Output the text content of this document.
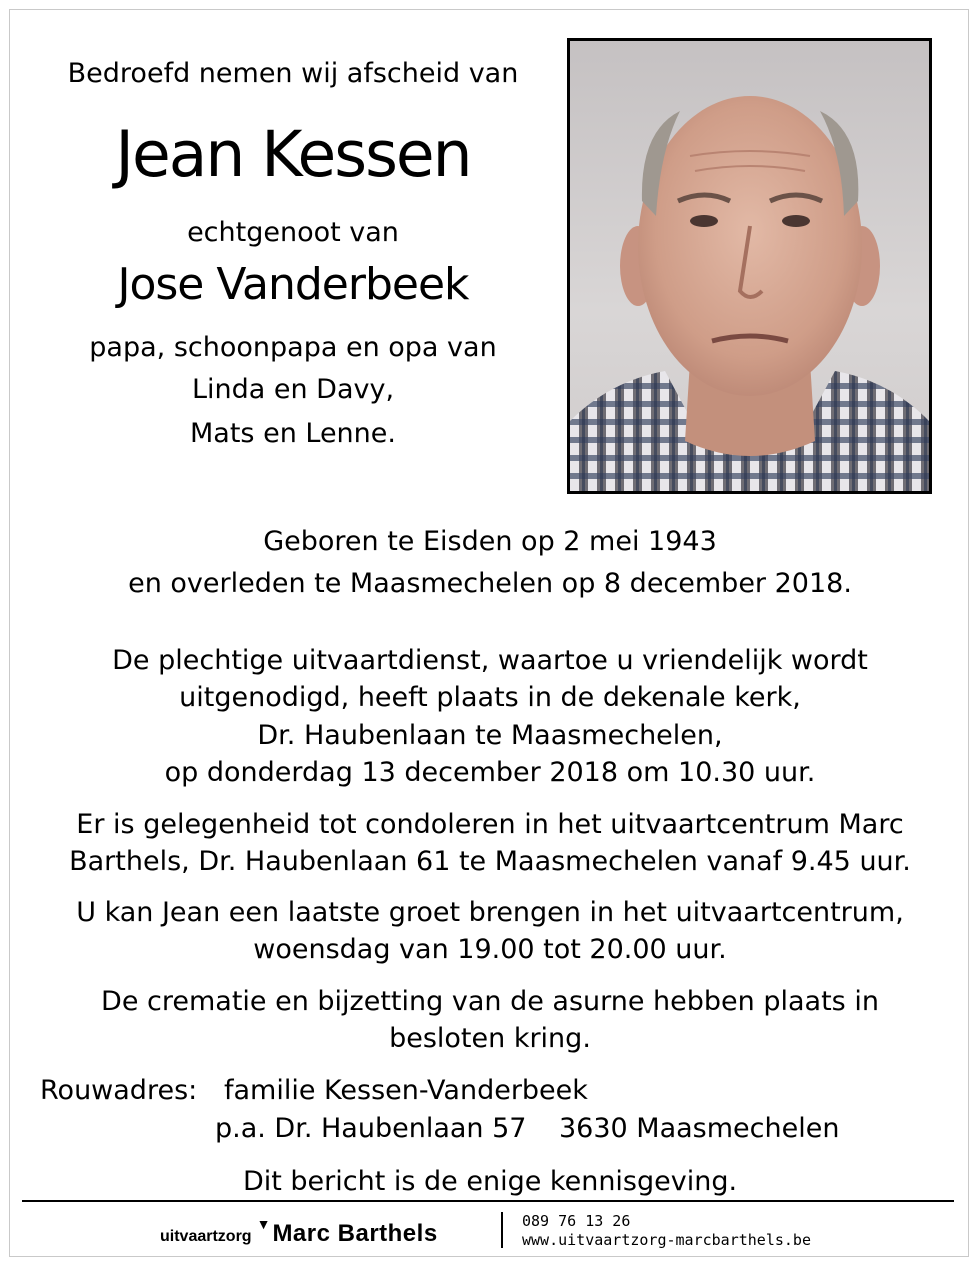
Bedroefd nemen wij afscheid van
Jean Kessen
echtgenoot van
Jose Vanderbeek
papa, schoonpapa en opa van
Linda en Davy,
Mats en Lenne.
Geboren te Eisden op 2 mei 1943
en overleden te Maasmechelen op 8 december 2018.
De plechtige uitvaartdienst, waartoe u vriendelijk wordt
uitgenodigd, heeft plaats in de dekenale kerk,
Dr. Haubenlaan te Maasmechelen,
op donderdag 13 december 2018 om 10.30 uur.
Er is gelegenheid tot condoleren in het uitvaartcentrum Marc
Barthels, Dr. Haubenlaan 61 te Maasmechelen vanaf 9.45 uur.
U kan Jean een laatste groet brengen in het uitvaartcentrum,
woensdag van 19.00 tot 20.00 uur.
De crematie en bijzetting van de asurne hebben plaats in
besloten kring.
Rouwadres: familie Kessen-Vanderbeek
p.a. Dr. Haubenlaan 57 3630 Maasmechelen
Dit bericht is de enige kennisgeving.
uitvaartzorg▼Marc Barthels	089 76 13 26
www.uitvaartzorg-marcbarthels.be
